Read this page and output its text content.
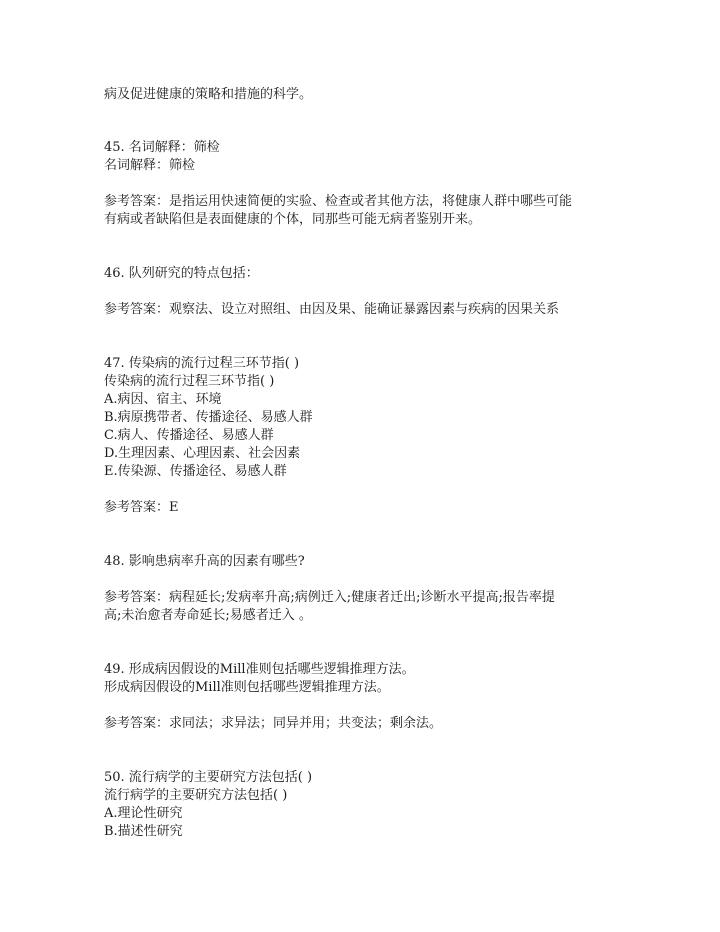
病及促进健康的策略和措施的科学。
45. 名词解释：筛检
名词解释：筛检
参考答案：是指运用快速简便的实验、检查或者其他方法，将健康人群中哪些可能
有病或者缺陷但是表面健康的个体，同那些可能无病者鉴别开来。
46. 队列研究的特点包括：
参考答案：观察法、设立对照组、由因及果、能确证暴露因素与疾病的因果关系
47. 传染病的流行过程三环节指( )
传染病的流行过程三环节指( )
A.病因、宿主、环境
B.病原携带者、传播途径、易感人群
C.病人、传播途径、易感人群
D.生理因素、心理因素、社会因素
E.传染源、传播途径、易感人群
参考答案：E
48. 影响患病率升高的因素有哪些?
参考答案：病程延长;发病率升高;病例迁入;健康者迁出;诊断水平提高;报告率提
高;未治愈者寿命延长;易感者迁入 。
49. 形成病因假设的Mill准则包括哪些逻辑推理方法。
形成病因假设的Mill准则包括哪些逻辑推理方法。
参考答案：求同法；求异法；同异并用；共变法；剩余法。
50. 流行病学的主要研究方法包括( )
流行病学的主要研究方法包括( )
A.理论性研究
B.描述性研究
